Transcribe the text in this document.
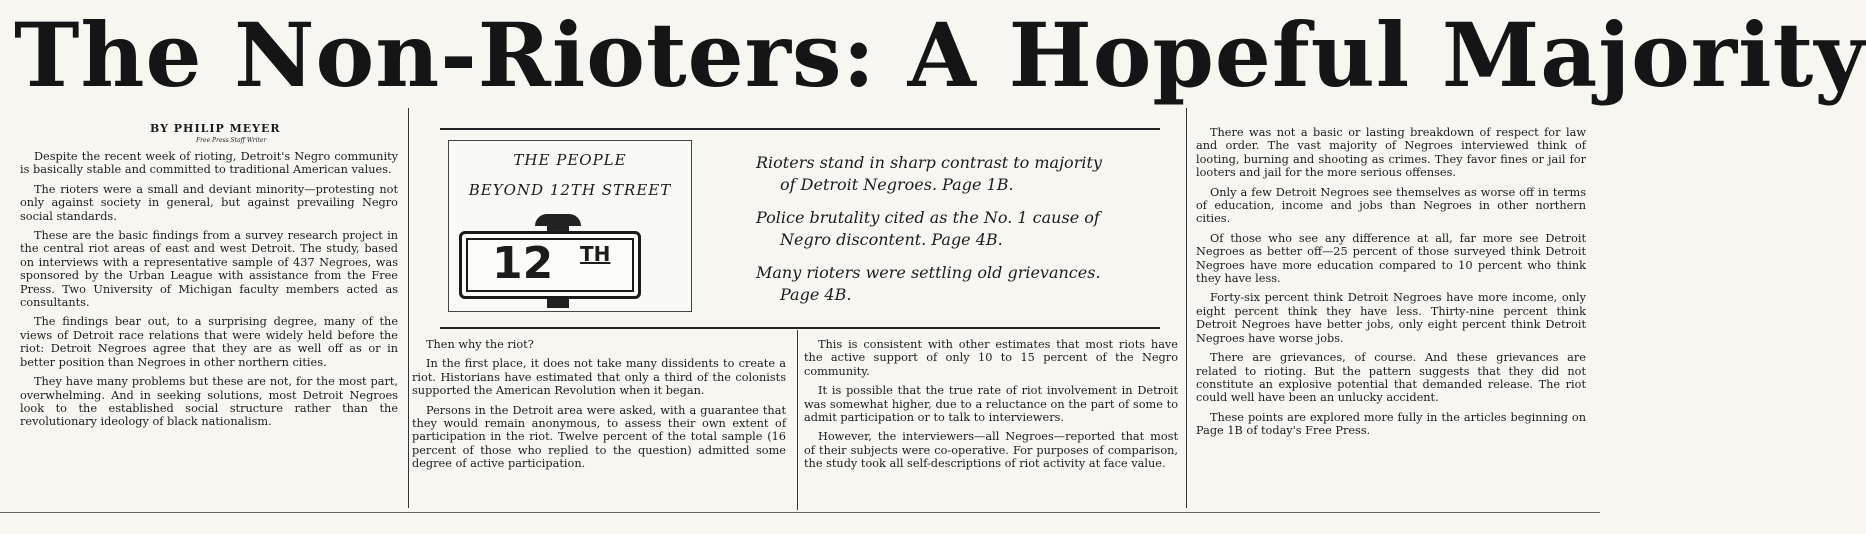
The Non-Rioters: A Hopeful Majority
BY PHILIP MEYER
Free Press Staff Writer

Despite the recent week of rioting, Detroit's Negro community is basically stable and committed to traditional American values.

The rioters were a small and deviant minority—protesting not only against society in general, but against prevailing Negro social standards.

These are the basic findings from a survey research project in the central riot areas of east and west Detroit. The study, based on interviews with a representative sample of 437 Negroes, was sponsored by the Urban League with assistance from the Free Press. Two University of Michigan faculty members acted as consultants.

The findings bear out, to a surprising degree, many of the views of Detroit race relations that were widely held before the riot: Detroit Negroes agree that they are as well off as or in better position than Negroes in other northern cities.

They have many problems but these are not, for the most part, overwhelming. And in seeking solutions, most Detroit Negroes look to the established social structure rather than the revolutionary ideology of black nationalism.

THE PEOPLE
BEYOND 12TH STREET
12 TH
Rioters stand in sharp contrast to majority
of Detroit Negroes. Page 1B.
Police brutality cited as the No. 1 cause of
Negro discontent. Page 4B.
Many rioters were settling old grievances.
Page 4B.

Then why the riot?

In the first place, it does not take many dissidents to create a riot. Historians have estimated that only a third of the colonists supported the American Revolution when it began.

Persons in the Detroit area were asked, with a guarantee that they would remain anonymous, to assess their own extent of participation in the riot. Twelve percent of the total sample (16 percent of those who replied to the question) admitted some degree of active participation.

This is consistent with other estimates that most riots have the active support of only 10 to 15 percent of the Negro community.

It is possible that the true rate of riot involvement in Detroit was somewhat higher, due to a reluctance on the part of some to admit participation or to talk to interviewers.

However, the interviewers—all Negroes—reported that most of their subjects were co-operative. For purposes of comparison, the study took all self-descriptions of riot activity at face value.

There was not a basic or lasting breakdown of respect for law and order. The vast majority of Negroes interviewed think of looting, burning and shooting as crimes. They favor fines or jail for looters and jail for the more serious offenses.

Only a few Detroit Negroes see themselves as worse off in terms of education, income and jobs than Negroes in other northern cities.

Of those who see any difference at all, far more see Detroit Negroes as better off—25 percent of those surveyed think Detroit Negroes have more education compared to 10 percent who think they have less.

Forty-six percent think Detroit Negroes have more income, only eight percent think they have less. Thirty-nine percent think Detroit Negroes have better jobs, only eight percent think Detroit Negroes have worse jobs.

There are grievances, of course. And these grievances are related to rioting. But the pattern suggests that they did not constitute an explosive potential that demanded release. The riot could well have been an unlucky accident.

These points are explored more fully in the articles beginning on Page 1B of today's Free Press.
